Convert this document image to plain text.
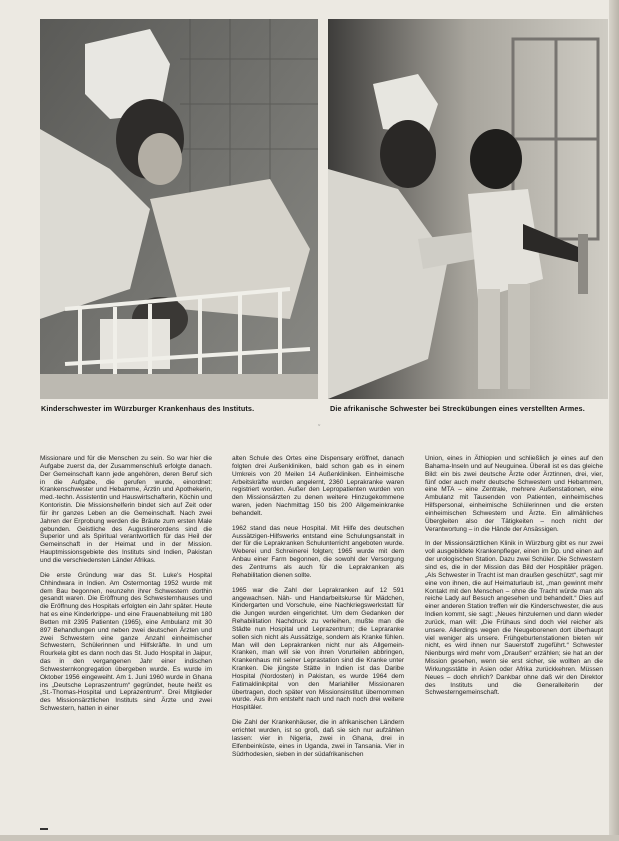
Kinderschwester im Würzburger Krankenhaus des Instituts.	Die afrikanische Schwester bei Streckübungen eines verstellten Armes.
ˇ

Missionare und für die Menschen zu sein. So war hier die Aufgabe zuerst da, der Zusammenschluß erfolgte danach. Der Gemeinschaft kann jede angehören, deren Beruf sich in die Aufgabe, die gerufen wurde, einordnet: Krankenschwester und Hebamme, Ärztin und Apothekerin, med.-techn. Assistentin und Hauswirtschafterin, Köchin und Kontoristin. Die Missionshelferin bindet sich auf Zeit oder für ihr ganzes Leben an die Gemeinschaft. Nach zwei Jahren der Erprobung werden die Bräute zum ersten Male gebunden. Geistliche des Augustinerordens sind die Superior und als Spiritual verantwortlich für das Heil der Gemeinschaft in der Heimat und in der Mission. Hauptmissionsgebiete des Instituts sind Indien, Pakistan und die verschiedensten Länder Afrikas.

Die erste Gründung war das St. Luke's Hospital Chhindwara in Indien. Am Ostermontag 1952 wurde mit dem Bau begonnen, neunzehn ihrer Schwestern dorthin gesandt waren. Die Eröffnung des Schwesternhauses und die Eröffnung des Hospitals erfolgten ein Jahr später. Heute hat es eine Kinderkrippe- und eine Frauenabteilung mit 180 Betten mit 2395 Patienten (1965), eine Ambulanz mit 30 897 Behandlungen und neben zwei deutschen Ärzten und zwei Schwestern eine ganze Anzahl einheimischer Schwestern, Schülerinnen und Hilfskräfte. In und um Rourkela gibt es dann noch das St. Judo Hospital in Jaipur, das in den vergangenen Jahr einer indischen Schwesternkongregation übergeben wurde. Es wurde im Oktober 1956 eingeweiht. Am 1. Juni 1960 wurde in Ghana ins „Deutsche Lepraszentrum“ gegründet, heute heißt es „St.-Thomas-Hospital und Leprazentrum“. Drei Mitglieder des Missionsärztlichen Instituts sind Ärzte und zwei Schwestern, hatten in einer

alten Schule des Ortes eine Dispensary eröffnet, danach folgten drei Außenkliniken, bald schon gab es in einem Umkreis von 20 Meilen 14 Außenkliniken. Einheimische Arbeitskräfte wurden angelernt, 2360 Leprakranke waren registriert worden. Außer den Lepropatienten wurden von den Missionsärzten zu denen weitere Hinzugekommene waren, jeden Nachmittag 150 bis 200 Allgemeinkranke behandelt.

1962 stand das neue Hospital. Mit Hilfe des deutschen Aussätzigen-Hilfswerks entstand eine Schulungsanstalt in der für die Leprakranken Schulunterricht angeboten wurde. Weberei und Schreinerei folgten; 1965 wurde mit dem Anbau einer Farm begonnen, die sowohl der Versorgung des Zentrums als auch für die Leprakranken als Rehabilitation dienen sollte.

1965 war die Zahl der Leprakranken auf 12 591 angewachsen. Näh- und Handarbeitskurse für Mädchen, Kindergarten und Vorschule, eine Nachkriegswerkstatt für die Jungen wurden eingerichtet. Um dem Gedanken der Rehabilitation Nachdruck zu verleihen, mußte man die Städte nun Hospital und Leprazentrum; die Lepraranke sollen sich nicht als Aussätzige, sondern als Kranke fühlen. Man will den Leprakranken nicht nur als Allgemein-Kranken, man will sie von ihren Vorurteilen abbringen, Krankenhaus mit seiner Leprastation sind die Kranke unter Kranken. Die jüngste Stätte in Indien ist das Daribe Hospital (Nordosten) in Pakistan, es wurde 1964 dem Fatimaklinikpital von den Mariahiller Missionaren übertragen, doch später von Missionsinstitut übernommen wurde. Aus ihm entsteht nach und nach noch drei weitere Hospitäler.

Die Zahl der Krankenhäuser, die in afrikanischen Ländern errichtet wurden, ist so groß, daß sie sich nur aufzählen lassen: vier in Nigeria, zwei in Ghana, drei in Elfenbeinküste, eines in Uganda, zwei in Tansania. Vier in Südrhodesien, sieben in der südafrikanischen

Union, eines in Äthiopien und schließlich je eines auf den Bahama-Inseln und auf Neuguinea. Überall ist es das gleiche Bild: ein bis zwei deutsche Ärzte oder Ärztinnen, drei, vier, fünf oder auch mehr deutsche Schwestern und Hebammen, eine MTA – eine Zentrale, mehrere Außenstationen, eine Ambulanz mit Tausenden von Patienten, einheimisches Hilfspersonal, einheimische Schülerinnen und die ersten einheimischen Schwestern und Ärzte. Ein allmähliches Übergleiten also der Tätigkeiten – noch nicht der Verantwortung – in die Hände der Ansässigen.

In der Missionsärztlichen Klinik in Würzburg gibt es nur zwei voll ausgebildete Krankenpfleger, einen im Dp. und einen auf der urologischen Station. Dazu zwei Schüler. Die Schwestern sind es, die in der Mission das Bild der Hospitäler prägen. „Als Schwester in Tracht ist man draußen geschützt“, sagt mir eine von ihnen, die auf Heimaturlaub ist, „man gewinnt mehr Kontakt mit den Menschen – ohne die Tracht würde man als reiche Lady auf Besuch angesehen und behandelt.“ Dies auf einer anderen Station treffen wir die Kinderschwester, die aus Indien kommt, sie sagt: „Neues hinzulernen und dann wieder zurück, man will: „Die Frühaus sind doch viel reicher als unsere. Allerdings wegen die Neugeborenen dort überhaupt viel weniger als unsere. Frühgeburtenstationen bieten wir nicht, es wird ihnen nur Sauerstoff zugeführt.“ Schwester Nienburgs wird mehr vom „Draußen“ erzählen; sie hat an der Mission gesehen, wenn sie erst sicher, sie wollten an die Wirkungsstätte in Asien oder Afrika zurückkehren. Müssen Neues – doch ehrlich? Dankbar ohne daß wir den Direktor des Instituts und die Generalleiterin der Schwesterngemeinschaft.
